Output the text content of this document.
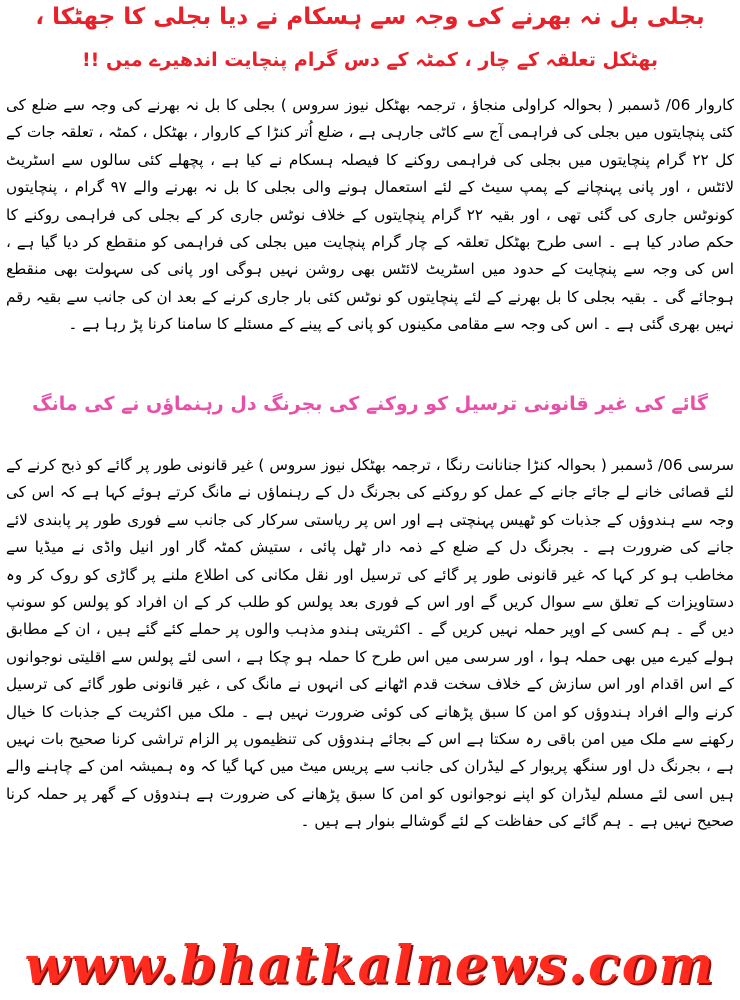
بجلی بل نہ بھرنے کی وجہ سے ہسکام نے دیا بجلی کا جھٹکا ،
بھٹکل تعلقہ کے چار ، کمٹہ کے دس گرام پنچایت اندھیرے میں !!

کاروار 06/ ڈسمبر ( بحوالہ کراولی منجاؤ ، ترجمہ بھٹکل نیوز سروس ) بجلی کا بل نہ بھرنے کی وجہ سے ضلع کی کئی پنچایتوں میں بجلی کی فراہمی آج سے کاٹی جارہی ہے ، ضلع اُتر کنڑا کے کاروار ، بھٹکل ، کمٹہ ، تعلقہ جات کے کل ۲۲ گرام پنچایتوں میں بجلی کی فراہمی روکنے کا فیصلہ ہسکام نے کیا ہے ، پچھلے کئی سالوں سے اسٹریٹ لائٹس ، اور پانی پہنچانے کے پمپ سیٹ کے لئے استعمال ہونے والی بجلی کا بل نہ بھرنے والے ۹۷ گرام ، پنچایتوں کونوٹس جاری کی گئی تھی ، اور بقیہ ۲۲ گرام پنچایتوں کے خلاف نوٹس جاری کر کے بجلی کی فراہمی روکنے کا حکم صادر کیا ہے ۔ اسی طرح بھٹکل تعلقہ کے چار گرام پنچایت میں بجلی کی فراہمی کو منقطع کر دیا گیا ہے ، اس کی وجہ سے پنچایت کے حدود میں اسٹریٹ لائٹس بھی روشن نہیں ہوگی اور پانی کی سہولت بھی منقطع ہوجائے گی ۔ بقیہ بجلی کا بل بھرنے کے لئے پنچایتوں کو نوٹس کئی بار جاری کرنے کے بعد ان کی جانب سے بقیہ رقم نہیں بھری گئی ہے ۔ اس کی وجہ سے مقامی مکینوں کو پانی کے پینے کے مسئلے کا سامنا کرنا پڑ رہا ہے ۔

گائے کی غیر قانونی ترسیل کو روکنے کی بجرنگ دل رہنماؤں نے کی مانگ

سرسی 06/ ڈسمبر ( بحوالہ کنڑا جنانانت رنگا ، ترجمہ بھٹکل نیوز سروس ) غیر قانونی طور پر گائے کو ذبح کرنے کے لئے قصائی خانے لے جائے جانے کے عمل کو روکنے کی بجرنگ دل کے رہنماؤں نے مانگ کرتے ہوئے کہا ہے کہ اس کی وجہ سے ہندوؤں کے جذبات کو ٹھیس پہنچتی ہے اور اس پر ریاستی سرکار کی جانب سے فوری طور پر پابندی لائے جانے کی ضرورت ہے ۔ بجرنگ دل کے ضلع کے ذمہ دار ٹھل پائی ، ستیش کمٹہ گار اور انیل واڈی نے میڈیا سے مخاطب ہو کر کہا کہ غیر قانونی طور پر گائے کی ترسیل اور نقل مکانی کی اطلاع ملنے پر گاڑی کو روک کر وہ دستاویزات کے تعلق سے سوال کریں گے اور اس کے فوری بعد پولس کو طلب کر کے ان افراد کو پولس کو سونپ دیں گے ۔ ہم کسی کے اوپر حملہ نہیں کریں گے ۔ اکثریتی ہندو مذہب والوں پر حملے کئے گئے ہیں ، ان کے مطابق ہولے کیرے میں بھی حملہ ہوا ، اور سرسی میں اس طرح کا حملہ ہو چکا ہے ، اسی لئے پولس سے اقلیتی نوجوانوں کے اس اقدام اور اس سازش کے خلاف سخت قدم اٹھانے کی انہوں نے مانگ کی ، غیر قانونی طور گائے کی ترسیل کرنے والے افراد ہندوؤں کو امن کا سبق پڑھانے کی کوئی ضرورت نہیں ہے ۔ ملک میں اکثریت کے جذبات کا خیال رکھنے سے ملک میں امن باقی رہ سکتا ہے اس کے بجائے ہندوؤں کی تنظیموں پر الزام تراشی کرنا صحیح بات نہیں ہے ، بجرنگ دل اور سنگھ پریوار کے لیڈران کی جانب سے پریس میٹ میں کہا گیا کہ وہ ہمیشہ امن کے چاہنے والے ہیں اسی لئے مسلم لیڈران کو اپنے نوجوانوں کو امن کا سبق پڑھانے کی ضرورت ہے ہندوؤں کے گھر پر حملہ کرنا صحیح نہیں ہے ۔ ہم گائے کی حفاظت کے لئے گوشالے بنوار ہے ہیں ۔

www.bhatkalnews.com
